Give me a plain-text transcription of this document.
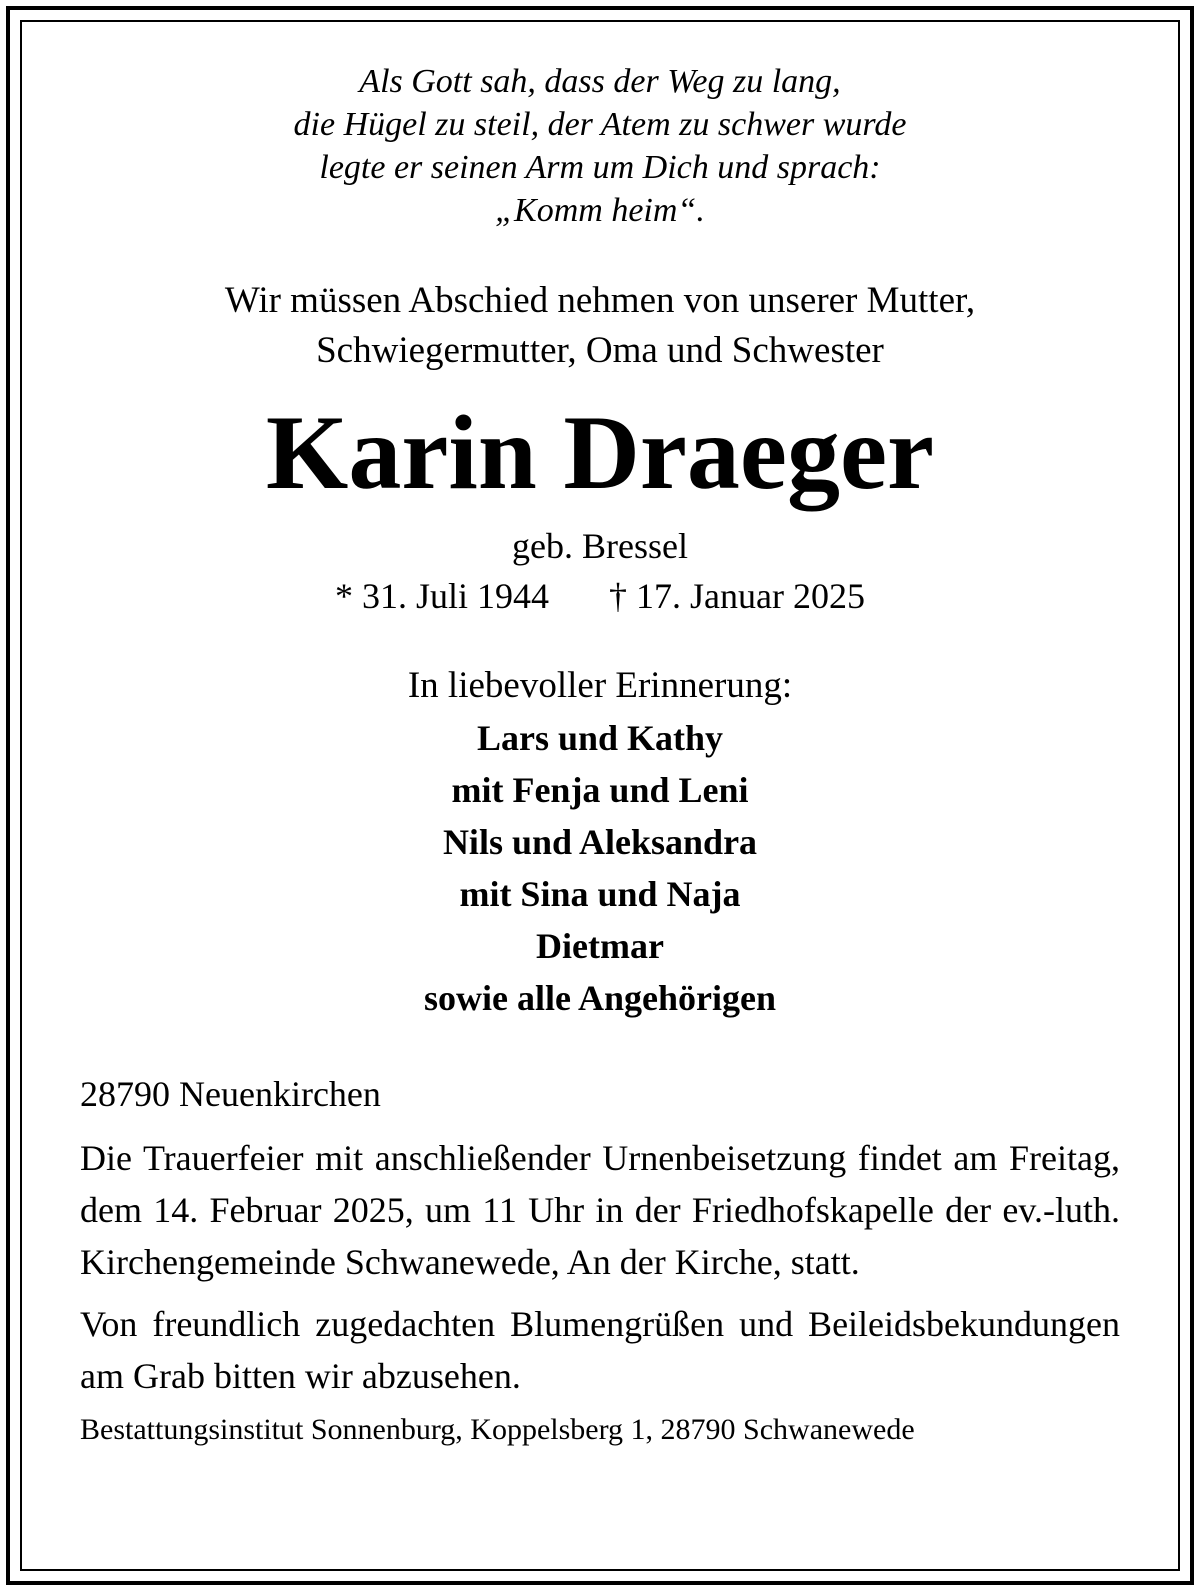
Als Gott sah, dass der Weg zu lang,
die Hügel zu steil, der Atem zu schwer wurde
legte er seinen Arm um Dich und sprach:
„Komm heim“.
Wir müssen Abschied nehmen von unserer Mutter,
Schwiegermutter, Oma und Schwester
Karin Draeger
geb. Bressel
* 31. Juli 1944 † 17. Januar 2025
In liebevoller Erinnerung:
Lars und Kathy
mit Fenja und Leni
Nils und Aleksandra
mit Sina und Naja
Dietmar
sowie alle Angehörigen
28790 Neuenkirchen
Die Trauerfeier mit anschließender Urnenbeisetzung findet am Freitag, dem 14. Februar 2025, um 11 Uhr in der Friedhofskapelle der ev.-luth. Kirchengemeinde Schwanewede, An der Kirche, statt.
Von freundlich zugedachten Blumengrüßen und Beileidsbekundungen am Grab bitten wir abzusehen.
Bestattungsinstitut Sonnenburg, Koppelsberg 1, 28790 Schwanewede
